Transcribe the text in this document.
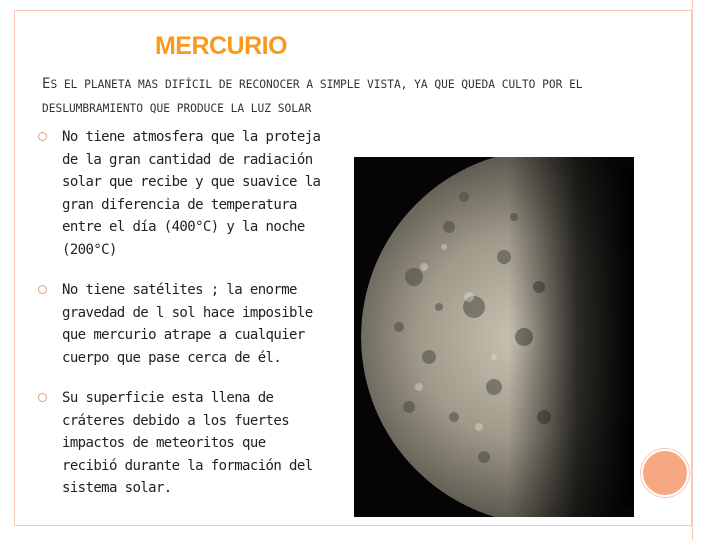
MERCURIO
ES EL PLANETA MAS DIFÍCIL DE RECONOCER A SIMPLE VISTA, YA QUE QUEDA CULTO POR EL DESLUMBRAMIENTO QUE PRODUCE LA LUZ SOLAR
No tiene atmosfera que la proteja de la gran cantidad de radiación solar que recibe y que suavice la gran diferencia de temperatura entre el día (400°C) y la noche (200°C)
No tiene satélites ; la enorme gravedad de l sol hace imposible que mercurio atrape a cualquier cuerpo que pase cerca de él.
Su superficie esta llena de cráteres debido a los fuertes impactos de meteoritos que recibió durante la formación del sistema solar.
